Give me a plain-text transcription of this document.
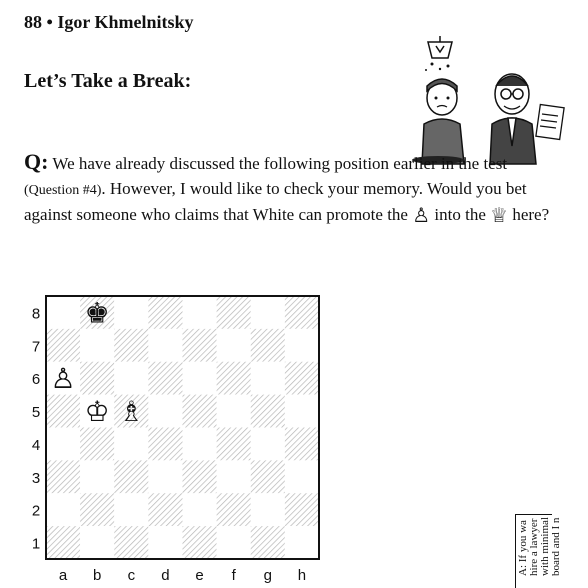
88 • Igor Khmelnitsky
Let’s Take a Break:
Q: We have already discussed the following position earlier in the test (Question #4). However, I would like to check your memory. Would you bet against someone who claims that White can promote the ♙ into the ♕ here?
8
7
6
5
4
3
2
1
a b c d e f g h
♚
♙
♔ ♗
A: If you wa hire a lawyer with minimal board and I n
